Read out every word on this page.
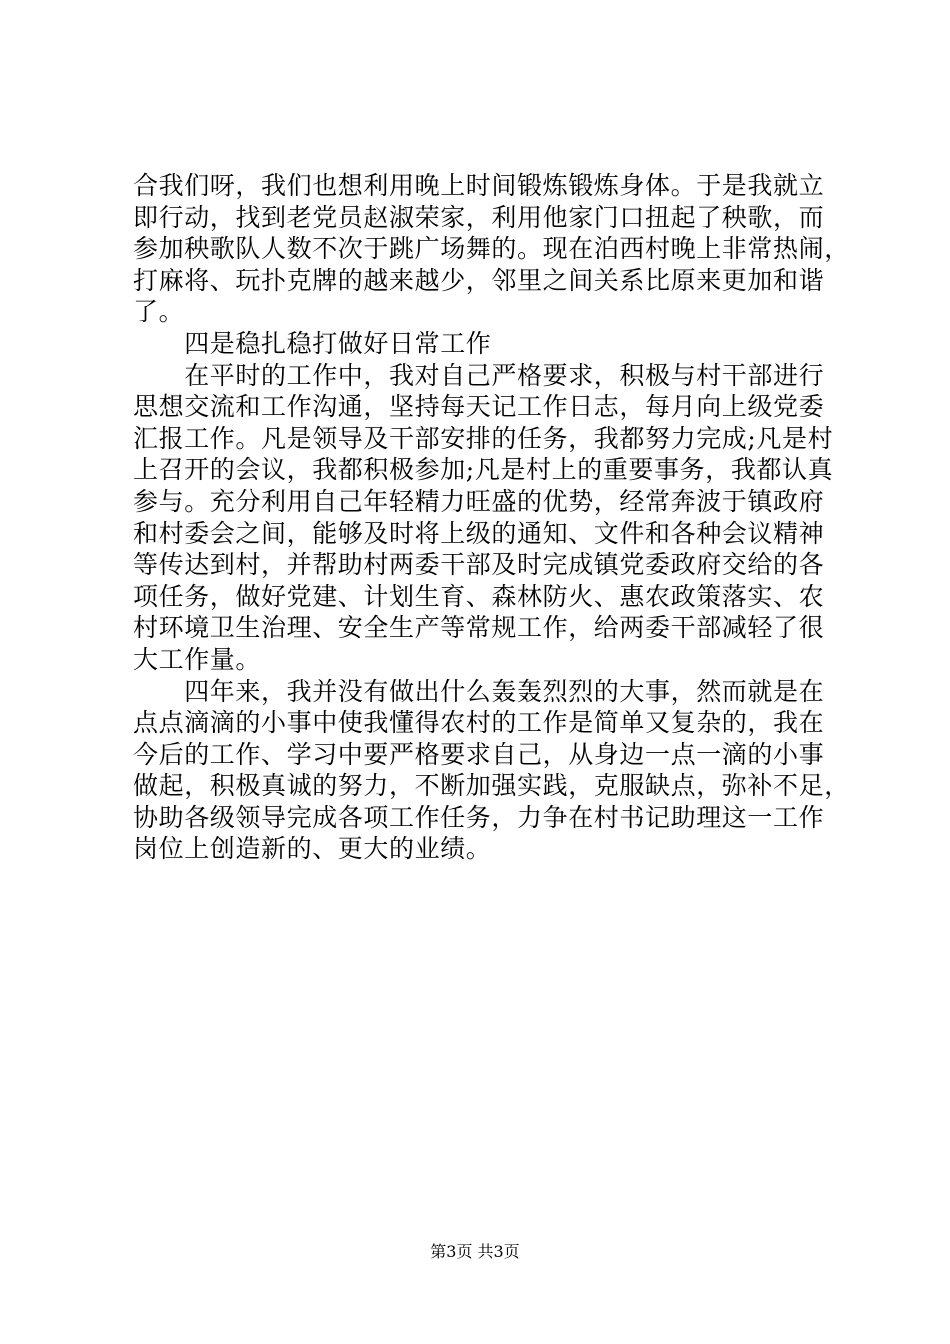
合我们呀，我们也想利用晚上时间锻炼锻炼身体。于是我就立
即行动，找到老党员赵淑荣家，利用他家门口扭起了秧歌，而
参加秧歌队人数不次于跳广场舞的。现在泊西村晚上非常热闹，
打麻将、玩扑克牌的越来越少，邻里之间关系比原来更加和谐
了。
　　四是稳扎稳打做好日常工作
　　在平时的工作中，我对自己严格要求，积极与村干部进行
思想交流和工作沟通，坚持每天记工作日志，每月向上级党委
汇报工作。凡是领导及干部安排的任务，我都努力完成;凡是村
上召开的会议，我都积极参加;凡是村上的重要事务，我都认真
参与。充分利用自己年轻精力旺盛的优势，经常奔波于镇政府
和村委会之间，能够及时将上级的通知、文件和各种会议精神
等传达到村，并帮助村两委干部及时完成镇党委政府交给的各
项任务，做好党建、计划生育、森林防火、惠农政策落实、农
村环境卫生治理、安全生产等常规工作，给两委干部减轻了很
大工作量。
　　四年来，我并没有做出什么轰轰烈烈的大事，然而就是在
点点滴滴的小事中使我懂得农村的工作是简单又复杂的，我在
今后的工作、学习中要严格要求自己，从身边一点一滴的小事
做起，积极真诚的努力，不断加强实践，克服缺点，弥补不足，
协助各级领导完成各项工作任务，力争在村书记助理这一工作
岗位上创造新的、更大的业绩。
第3页 共3页
